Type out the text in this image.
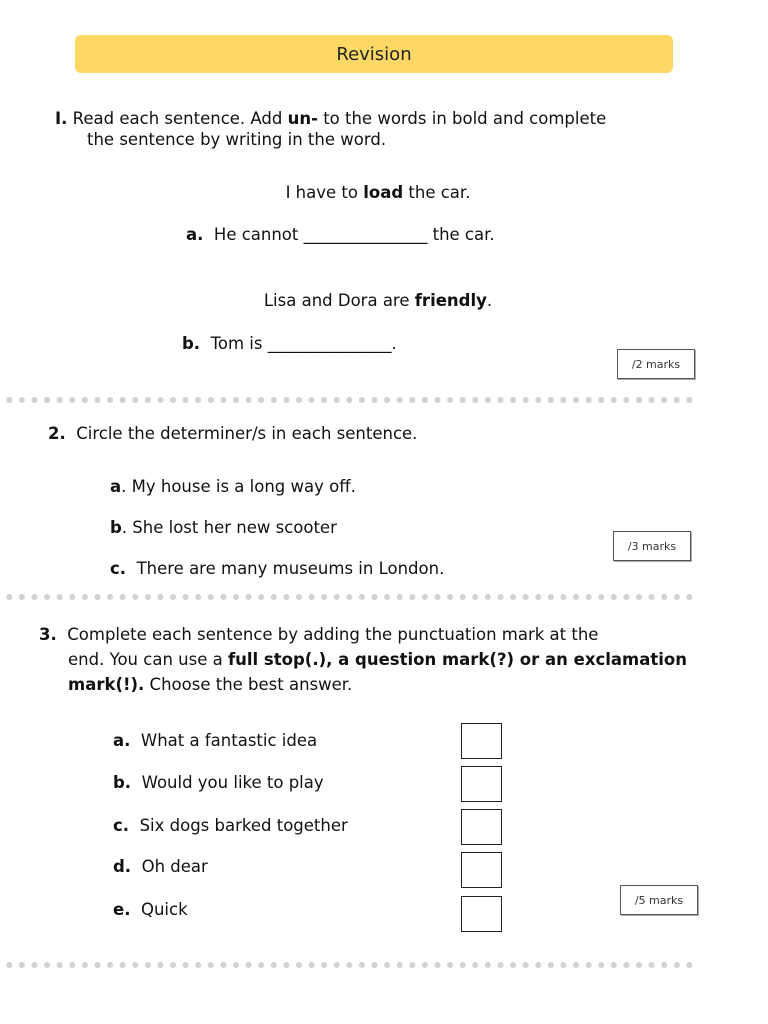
Revision
I. Read each sentence. Add un- to the words in bold and complete
the sentence by writing in the word.
I have to load the car.
a. He cannot _______________ the car.
Lisa and Dora are friendly.
b. Tom is _______________.
/2 marks
2. Circle the determiner/s in each sentence.
a. My house is a long way off.
b. She lost her new scooter
c. There are many museums in London.
/3 marks
3. Complete each sentence by adding the punctuation mark at the
end. You can use a full stop(.), a question mark(?) or an exclamation
mark(!). Choose the best answer.
a. What a fantastic idea
b. Would you like to play
c. Six dogs barked together
d. Oh dear
e. Quick	/5 marks
